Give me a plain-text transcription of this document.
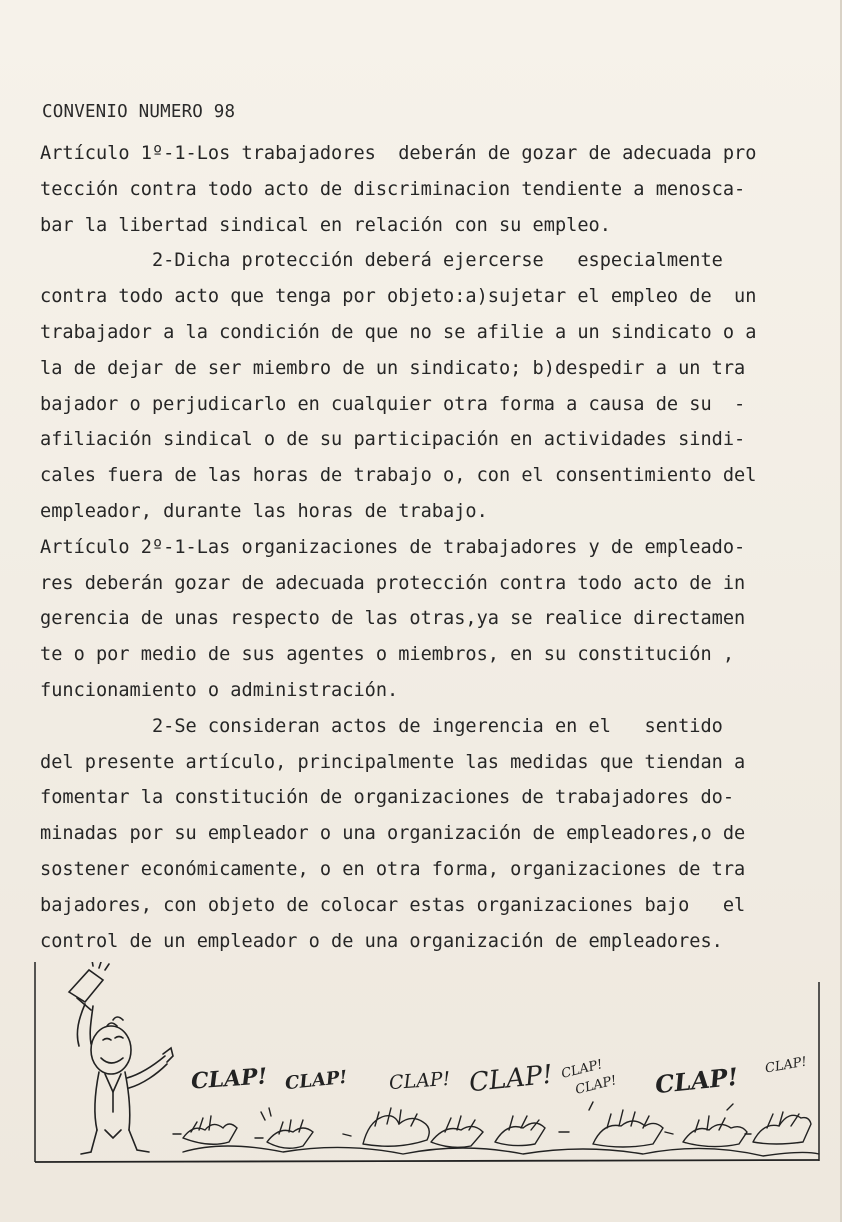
CONVENIO NUMERO 98
Artículo 1º-1-Los trabajadores  deberán de gozar de adecuada pro
tección contra todo acto de discriminacion tendiente a menosca-
bar la libertad sindical en relación con su empleo.
2-Dicha protección deberá ejercerse   especialmente
contra todo acto que tenga por objeto:a)sujetar el empleo de  un
trabajador a la condición de que no se afilie a un sindicato o a
la de dejar de ser miembro de un sindicato; b)despedir a un tra
bajador o perjudicarlo en cualquier otra forma a causa de su  -
afiliación sindical o de su participación en actividades sindi-
cales fuera de las horas de trabajo o, con el consentimiento del
empleador, durante las horas de trabajo.
Artículo 2º-1-Las organizaciones de trabajadores y de empleado-
res deberán gozar de adecuada protección contra todo acto de in
gerencia de unas respecto de las otras,ya se realice directamen
te o por medio de sus agentes o miembros, en su constitución ,
funcionamiento o administración.
2-Se consideran actos de ingerencia en el   sentido
del presente artículo, principalmente las medidas que tiendan a
fomentar la constitución de organizaciones de trabajadores do-
minadas por su empleador o una organización de empleadores,o de
sostener económicamente, o en otra forma, organizaciones de tra
bajadores, con objeto de colocar estas organizaciones bajo   el
control de un empleador o de una organización de empleadores.
CLAP! CLAP! CLAP! CLAP! CLAP!
CLAP! CLAP! CLAP!
